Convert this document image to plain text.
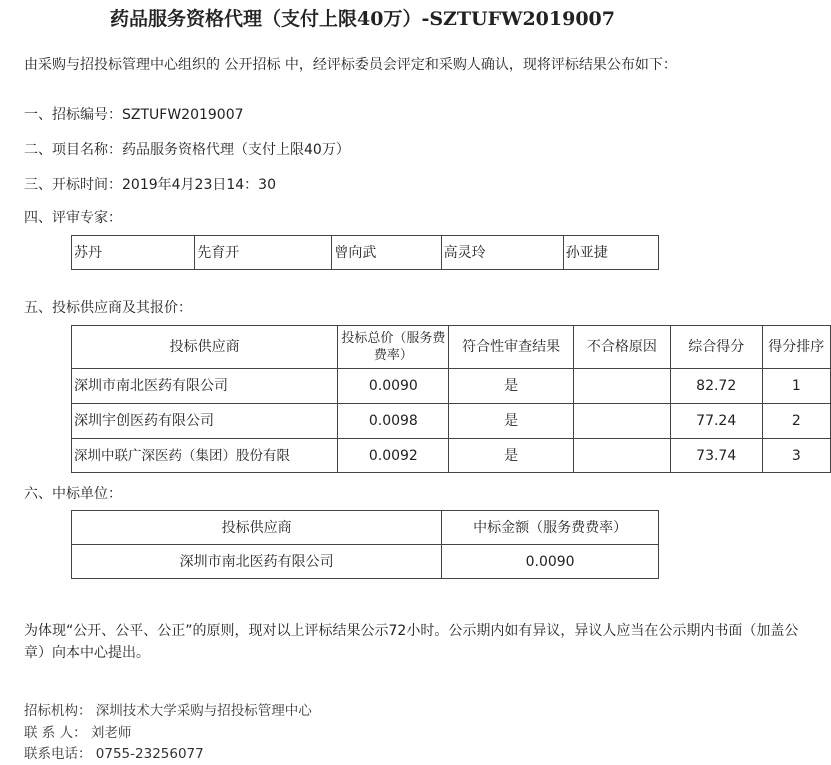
药品服务资格代理（支付上限40万）-SZTUFW2019007
由采购与招投标管理中心组织的 公开招标 中，经评标委员会评定和采购人确认，现将评标结果公布如下：
一、招标编号：SZTUFW2019007
二、项目名称：药品服务资格代理（支付上限40万）
三、开标时间：2019年4月23日14：30
四、评审专家：
苏丹	先育开	曾向武	高灵玲	孙亚捷
五、投标供应商及其报价：
投标供应商	投标总价（服务费费率）	符合性审查结果	不合格原因	综合得分	得分排序
深圳市南北医药有限公司	0.0090	是		82.72	1
深圳宇创医药有限公司	0.0098	是		77.24	2
深圳中联广深医药（集团）股份有限	0.0092	是		73.74	3
六、中标单位：
投标供应商	中标金额（服务费费率）
深圳市南北医药有限公司	0.0090
为体现“公开、公平、公正”的原则，现对以上评标结果公示72小时。公示期内如有异议，异议人应当在公示期内书面（加盖公章）向本中心提出。
招标机构： 深圳技术大学采购与招投标管理中心
联 系 人： 刘老师
联系电话： 0755-23256077
